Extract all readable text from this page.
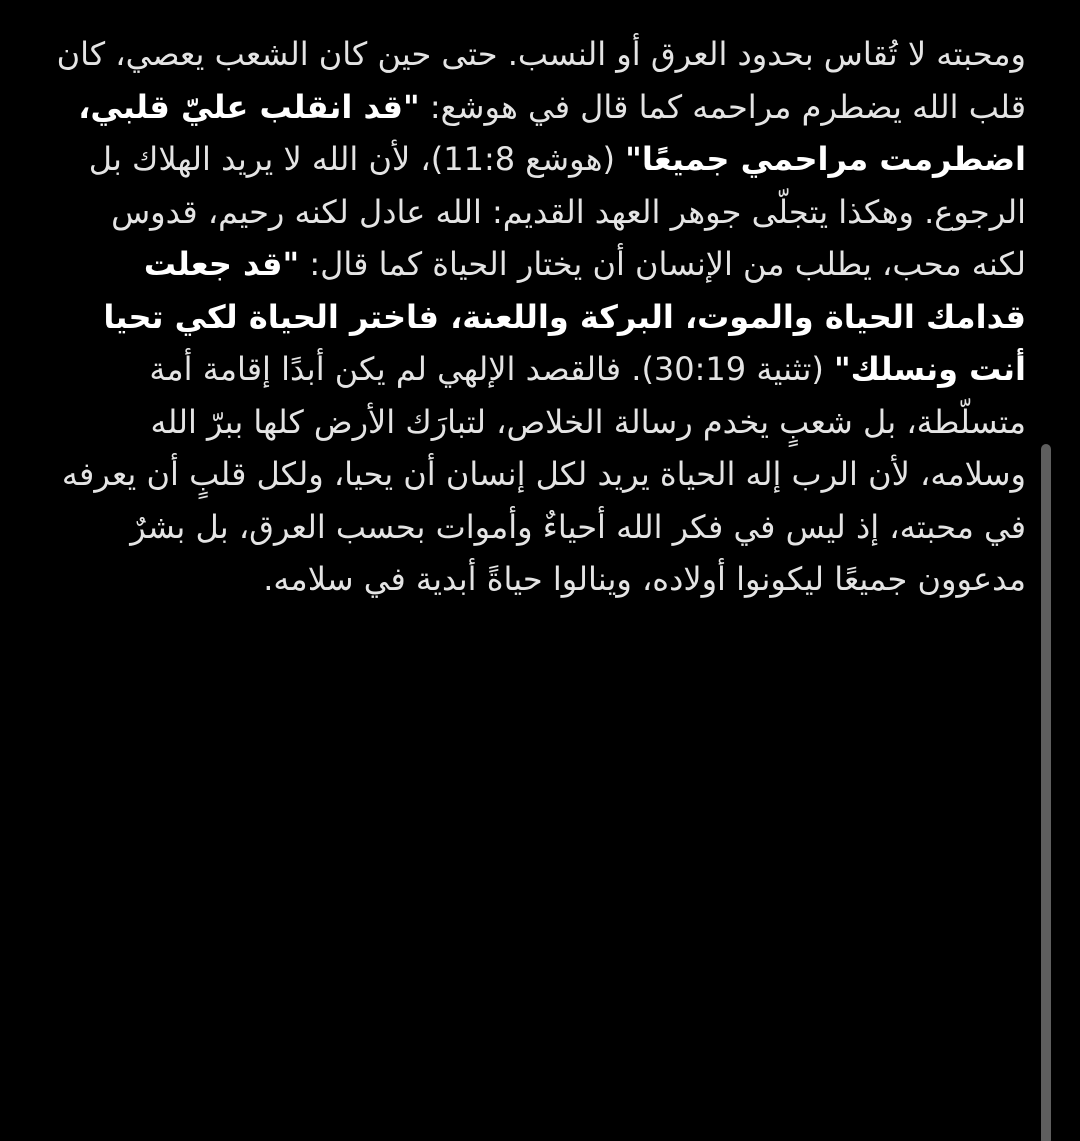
ومحبته لا تُقاس بحدود العرق أو النسب. حتى حين كان الشعب يعصي، كان قلب الله يضطرم مراحمه كما قال في هوشع: "قد انقلب عليّ قلبي، اضطرمت مراحمي جميعًا" (هوشع 11:8)، لأن الله لا يريد الهلاك بل الرجوع. وهكذا يتجلّى جوهر العهد القديم: الله عادل لكنه رحيم، قدوس لكنه محب، يطلب من الإنسان أن يختار الحياة كما قال: "قد جعلت قدامك الحياة والموت، البركة واللعنة، فاختر الحياة لكي تحيا أنت ونسلك" (تثنية 30:19). فالقصد الإلهي لم يكن أبدًا إقامة أمة متسلّطة، بل شعبٍ يخدم رسالة الخلاص، لتبارَك الأرض كلها ببرّ الله وسلامه، لأن الرب إله الحياة يريد لكل إنسان أن يحيا، ولكل قلبٍ أن يعرفه في محبته، إذ ليس في فكر الله أحياءٌ وأموات بحسب العرق، بل بشرٌ مدعوون جميعًا ليكونوا أولاده، وينالوا حياةً أبدية في سلامه.
